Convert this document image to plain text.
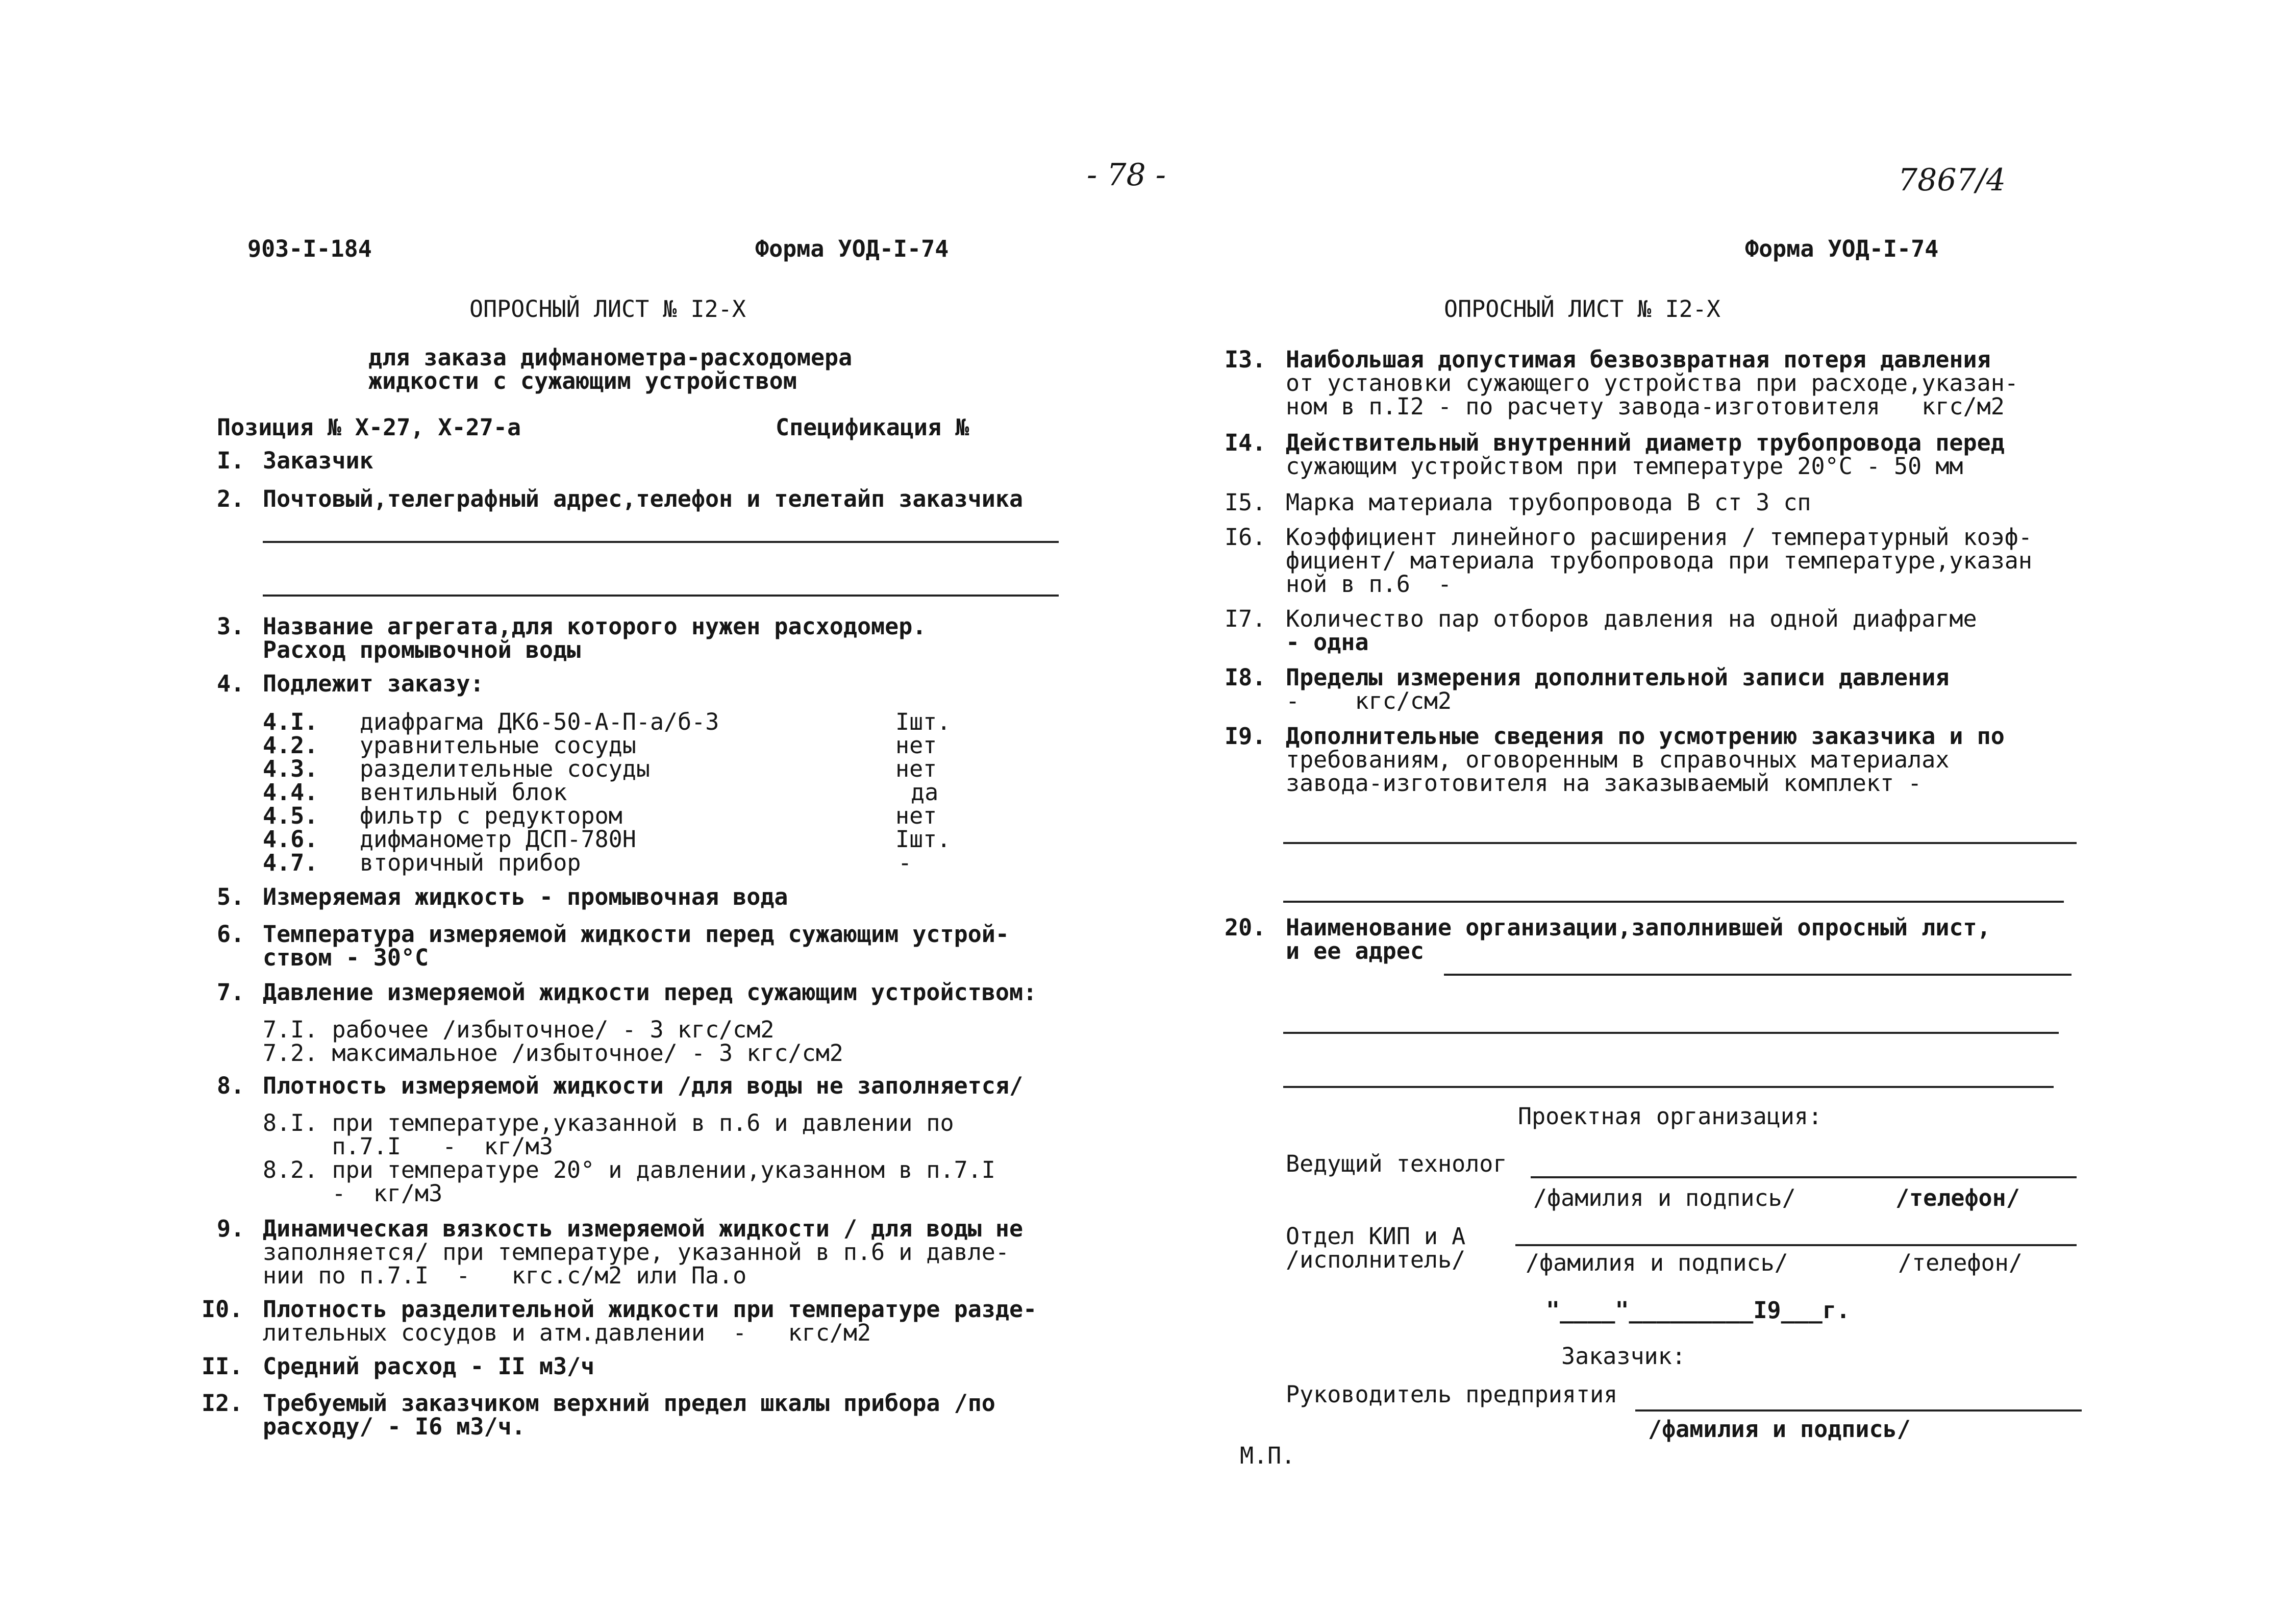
- 78 -	7867/4
903-I-184	Форма УОД-I-74	Форма УОД-I-74
ОПРОСНЫЙ ЛИСТ № I2-X
для заказа дифманометра-расходомера
жидкости с сужающим устройством
Позиция № X-27, X-27-а	Спецификация №
I. Заказчик
2. Почтовый,телеграфный адрес,телефон и телетайп заказчика
3. Название агрегата,для которого нужен расходомер.
Расход промывочной воды
4. Подлежит заказу:
4.I. диафрагма ДК6-50-А-П-а/б-3	Iшт.
4.2. уравнительные сосуды	нет
4.3. разделительные сосуды	нет
4.4. вентильный блок	да
4.5. фильтр с редуктором	нет
4.6. дифманометр ДСП-780Н	Iшт.
4.7. вторичный прибор	-
5. Измеряемая жидкость - промывочная вода
6. Температура измеряемой жидкости перед сужающим устрой-
ством - 30°С
7. Давление измеряемой жидкости перед сужающим устройством:
7.I. рабочее /избыточное/ - 3 кгс/см2
7.2. максимальное /избыточное/ - 3 кгс/см2
8. Плотность измеряемой жидкости /для воды не заполняется/
8.I. при температуре,указанной в п.6 и давлении по
п.7.I   -  кг/м3
8.2. при температуре 20° и давлении,указанном в п.7.I
-  кг/м3
9. Динамическая вязкость измеряемой жидкости / для воды не
заполняется/ при температуре, указанной в п.6 и давле-
нии по п.7.I  -   кгс.с/м2 или Па.о
I0. Плотность разделительной жидкости при температуре разде-
лительных сосудов и атм.давлении  -   кгс/м2
II. Средний расход - II м3/ч
I2. Требуемый заказчиком верхний предел шкалы прибора /по
расходу/ - I6 м3/ч.
ОПРОСНЫЙ ЛИСТ № I2-X
I3. Наибольшая допустимая безвозвратная потеря давления
от установки сужающего устройства при расходе,указан-
ном в п.I2 - по расчету завода-изготовителя   кгс/м2
I4. Действительный внутренний диаметр трубопровода перед
сужающим устройством при температуре 20°С - 50 мм
I5. Марка материала трубопровода В ст 3 сп
I6. Коэффициент линейного расширения / температурный коэф-
фициент/ материала трубопровода при температуре,указан
ной в п.6  -
I7. Количество пар отборов давления на одной диафрагме
- одна
I8. Пределы измерения дополнительной записи давления
-    кгс/см2
I9. Дополнительные сведения по усмотрению заказчика и по
требованиям, оговоренным в справочных материалах
завода-изготовителя на заказываемый комплект -
20. Наименование организации,заполнившей опросный лист,
и ее адрес
Проектная организация:
Ведущий технолог
/фамилия и подпись/	/телефон/
Отдел КИП и А
/исполнитель/	/фамилия и подпись/	/телефон/
"____"_________I9___г.
Заказчик:
Руководитель предприятия
/фамилия и подпись/
М.П.
